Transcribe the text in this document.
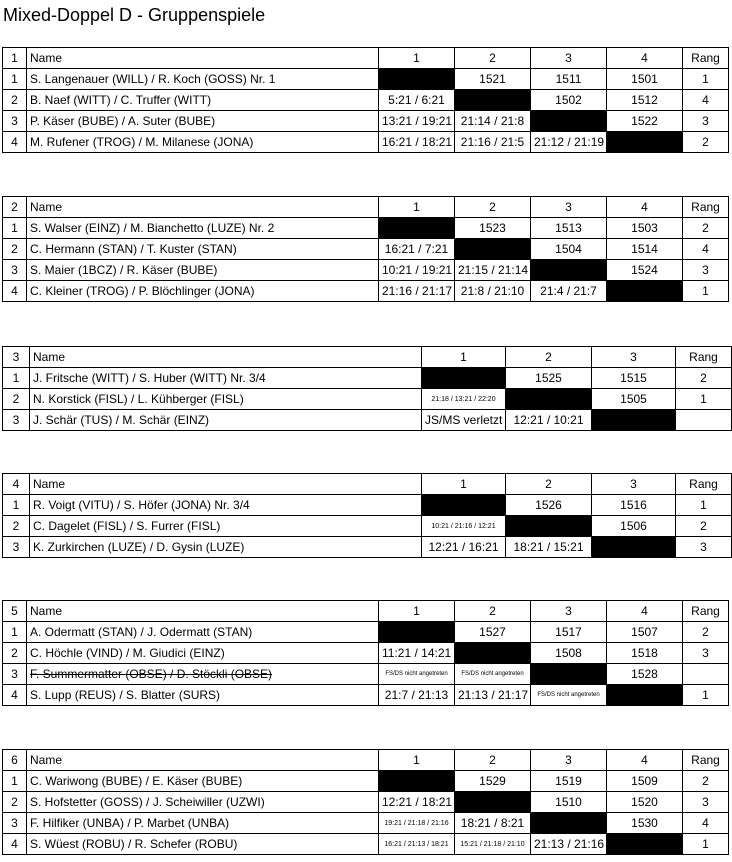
Mixed-Doppel D - Gruppenspiele
1	Name	1	2	3	4	Rang
1	S. Langenauer (WILL) / R. Koch (GOSS) Nr. 1		1521	1511	1501	1
2	B. Naef (WITT) / C. Truffer (WITT)	5:21 / 6:21		1502	1512	4
3	P. Käser (BUBE) / A. Suter (BUBE)	13:21 / 19:21	21:14 / 21:8		1522	3
4	M. Rufener (TROG) / M. Milanese (JONA)	16:21 / 18:21	21:16 / 21:5	21:12 / 21:19		2
2	Name	1	2	3	4	Rang
1	S. Walser (EINZ) / M. Bianchetto (LUZE) Nr. 2		1523	1513	1503	2
2	C. Hermann (STAN) / T. Kuster (STAN)	16:21 / 7:21		1504	1514	4
3	S. Maier (1BCZ) / R. Käser (BUBE)	10:21 / 19:21	21:15 / 21:14		1524	3
4	C. Kleiner (TROG) / P. Blöchlinger (JONA)	21:16 / 21:17	21:8 / 21:10	21:4 / 21:7		1
3	Name	1	2	3	Rang
1	J. Fritsche (WITT) / S. Huber (WITT) Nr. 3/4		1525	1515	2
2	N. Korstick (FISL) / L. Kühberger (FISL)	21:18 / 13:21 / 22:20		1505	1
3	J. Schär (TUS) / M. Schär (EINZ)	JS/MS verletzt	12:21 / 10:21		
4	Name	1	2	3	Rang
1	R. Voigt (VITU) / S. Höfer (JONA) Nr. 3/4		1526	1516	1
2	C. Dagelet (FISL) / S. Furrer (FISL)	10:21 / 21:16 / 12:21		1506	2
3	K. Zurkirchen (LUZE) / D. Gysin (LUZE)	12:21 / 16:21	18:21 / 15:21		3
5	Name	1	2	3	4	Rang
1	A. Odermatt (STAN) / J. Odermatt (STAN)		1527	1517	1507	2
2	C. Höchle (VIND) / M. Giudici (EINZ)	11:21 / 14:21		1508	1518	3
3	F. Summermatter (OBSE) / D. Stöckli (OBSE)	FS/DS nicht angetreten	FS/DS nicht angetreten		1528	
4	S. Lupp (REUS) / S. Blatter (SURS)	21:7 / 21:13	21:13 / 21:17	FS/DS nicht angetreten		1
6	Name	1	2	3	4	Rang
1	C. Wariwong (BUBE) / E. Käser (BUBE)		1529	1519	1509	2
2	S. Hofstetter (GOSS) / J. Scheiwiller (UZWI)	12:21 / 18:21		1510	1520	3
3	F. Hilfiker (UNBA) / P. Marbet (UNBA)	19:21 / 21:18 / 21:16	18:21 / 8:21		1530	4
4	S. Wüest (ROBU) / R. Schefer (ROBU)	16:21 / 21:13 / 18:21	15:21 / 21:18 / 21:10	21:13 / 21:16		1
